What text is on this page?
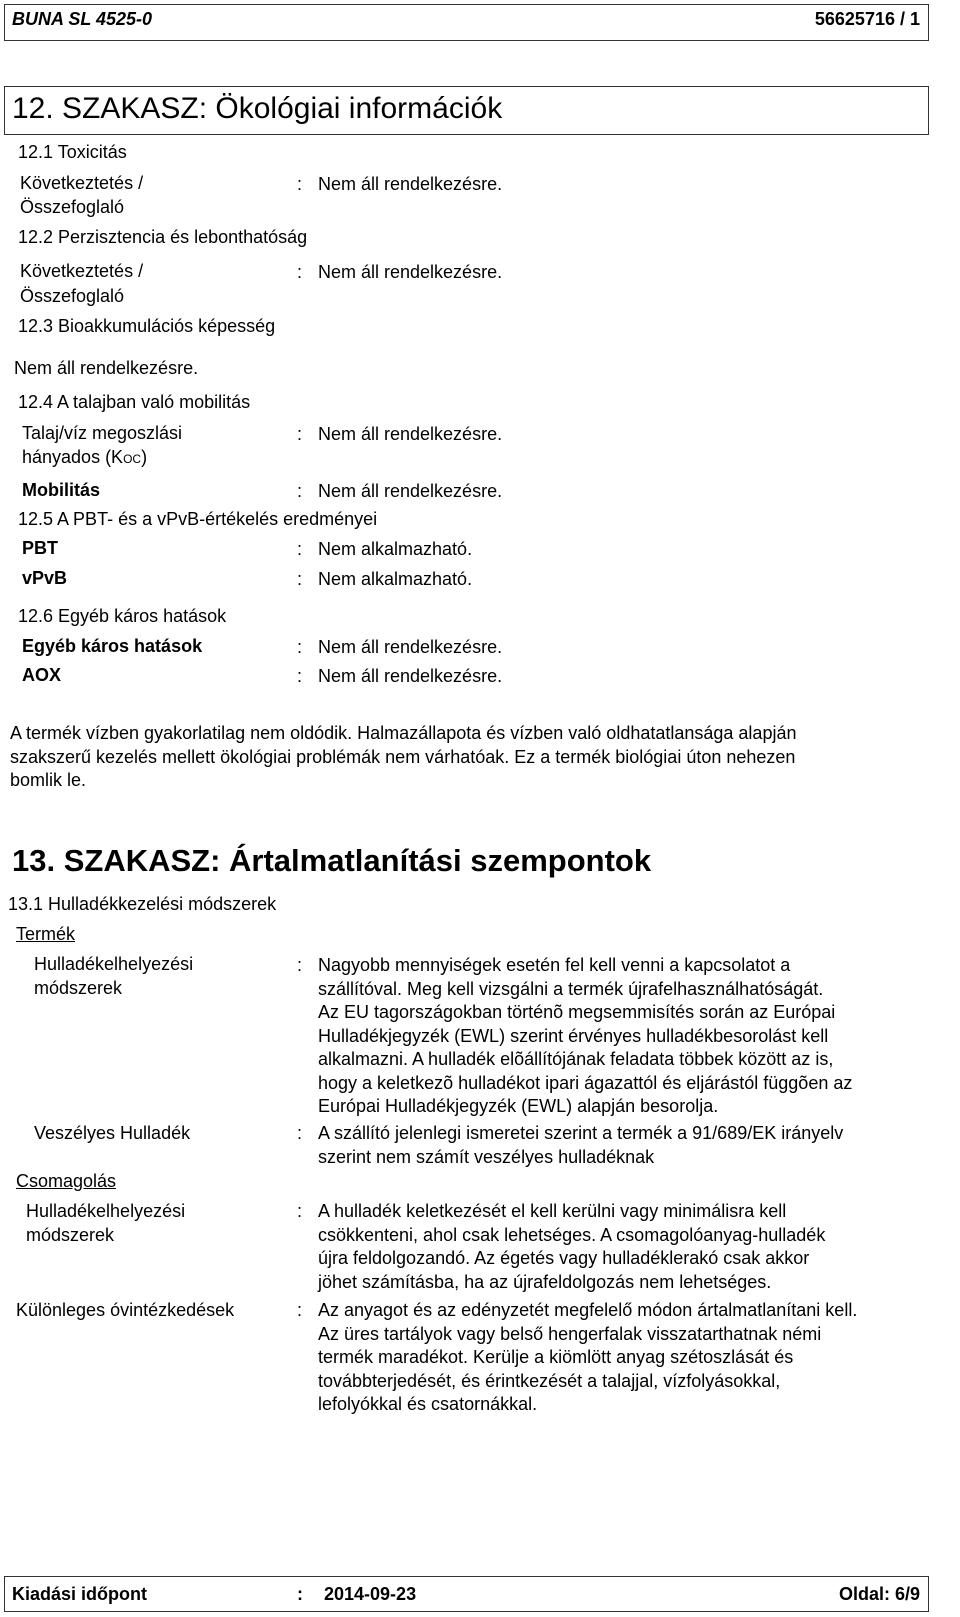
BUNA SL 4525-0	56625716 / 1
12. SZAKASZ: Ökológiai információk
12.1 Toxicitás
Következtetés /
Összefoglaló
: Nem áll rendelkezésre.
12.2 Perzisztencia és lebonthatóság
Következtetés /
Összefoglaló
: Nem áll rendelkezésre.
12.3 Bioakkumulációs képesség
Nem áll rendelkezésre.
12.4 A talajban való mobilitás
Talaj/víz megoszlási
hányados (KOC)
: Nem áll rendelkezésre.
Mobilitás	: Nem áll rendelkezésre.
12.5 A PBT- és a vPvB-értékelés eredményei
PBT	: Nem alkalmazható.
vPvB	: Nem alkalmazható.
12.6 Egyéb káros hatások
Egyéb káros hatások	: Nem áll rendelkezésre.
AOX	: Nem áll rendelkezésre.
A termék vízben gyakorlatilag nem oldódik. Halmazállapota és vízben való oldhatatlansága alapján
szakszerű kezelés mellett ökológiai problémák nem várhatóak. Ez a termék biológiai úton nehezen
bomlik le.
13. SZAKASZ: Ártalmatlanítási szempontok
13.1 Hulladékkezelési módszerek
Termék
Hulladékelhelyezési
módszerek
: Nagyobb mennyiségek esetén fel kell venni a kapcsolatot a
szállítóval. Meg kell vizsgálni a termék újrafelhasználhatóságát.
Az EU tagországokban történõ megsemmisítés során az Európai
Hulladékjegyzék (EWL) szerint érvényes hulladékbesorolást kell
alkalmazni. A hulladék elõállítójának feladata többek között az is,
hogy a keletkezõ hulladékot ipari ágazattól és eljárástól függõen az
Európai Hulladékjegyzék (EWL) alapján besorolja.
Veszélyes Hulladék	: A szállító jelenlegi ismeretei szerint a termék a 91/689/EK irányelv
szerint nem számít veszélyes hulladéknak
Csomagolás
Hulladékelhelyezési
módszerek
: A hulladék keletkezését el kell kerülni vagy minimálisra kell
csökkenteni, ahol csak lehetséges. A csomagolóanyag-hulladék
újra feldolgozandó. Az égetés vagy hulladéklerakó csak akkor
jöhet számításba, ha az újrafeldolgozás nem lehetséges.
Különleges óvintézkedések	: Az anyagot és az edényzetét megfelelő módon ártalmatlanítani kell.
Az üres tartályok vagy belső hengerfalak visszatarthatnak némi
termék maradékot. Kerülje a kiömlött anyag szétoszlását és
továbbterjedését, és érintkezését a talajjal, vízfolyásokkal,
lefolyókkal és csatornákkal.
Kiadási időpont	: 2014-09-23	Oldal: 6/9
